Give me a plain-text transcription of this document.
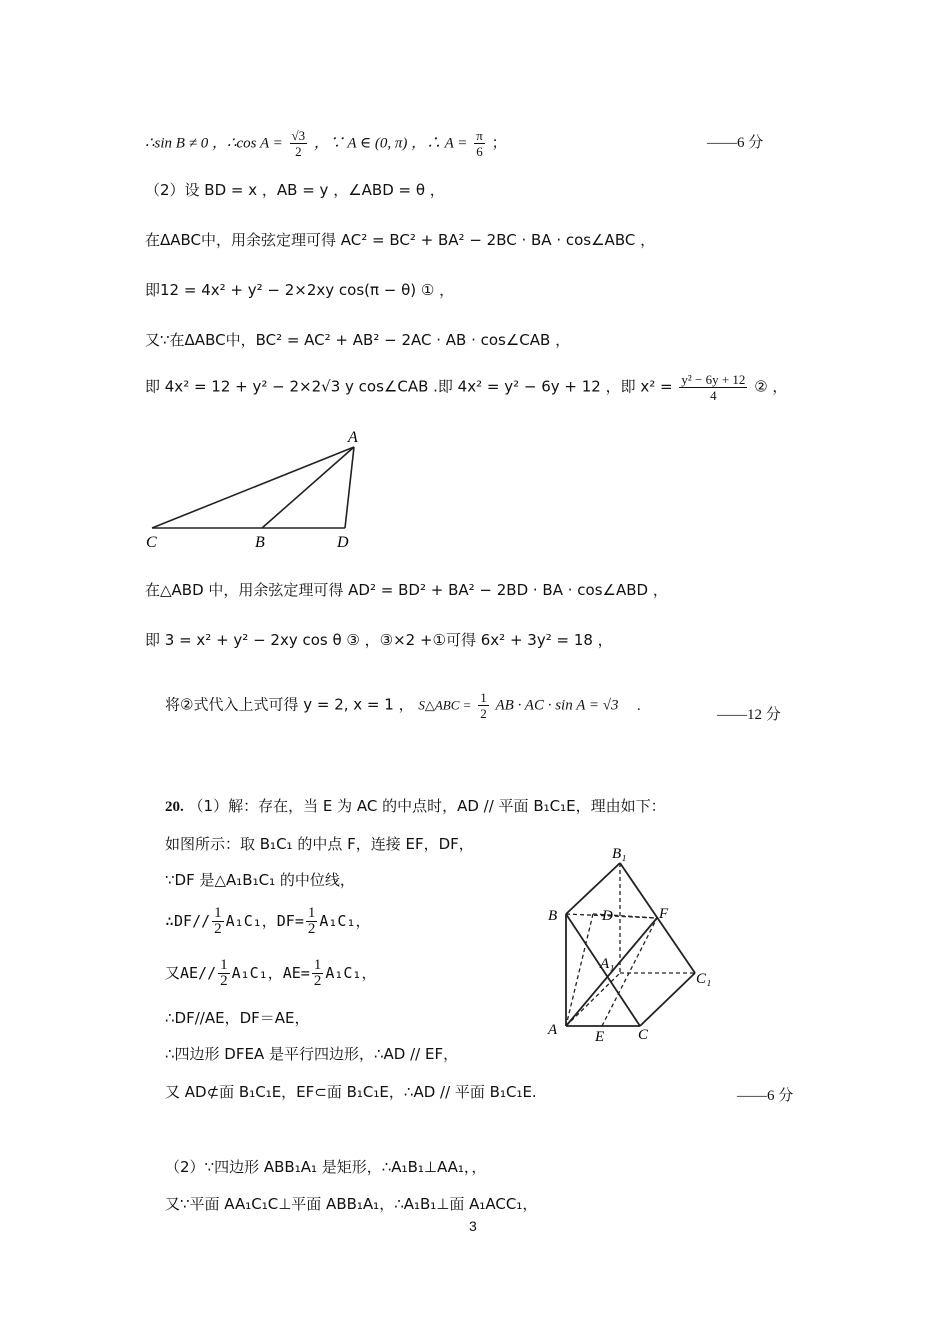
∴sin B ≠ 0 ，∴cos $A = \frac{√3}{2}$ ，∵ A ∈ (0, π) ，∴ $A = \frac{\pi}{6}$ ；	——6 分
（2）设 BD = x ，AB = y ，∠ABD = θ ，
在ΔABC中，用余弦定理可得 AC² = BC² + BA² − 2BC · BA · cos∠ABC ，
即12 = 4x² + y² − 2×2xy cos(π − θ) ① ，
又∵在ΔABC中，BC² = AC² + AB² − 2AC · AB · cos∠CAB ，
即 4x² = 12 + y² − 2×2√3 y cos∠CAB .即 4x² = y² − 6y + 12 ，即 $x^2 = \frac{\text{y² − 6y + 12}}{4}$ ② ，
A
C	B	D
在△ABD 中，用余弦定理可得 AD² = BD² + BA² − 2BD · BA · cos∠ABD ，
即 3 = x² + y² − 2xy cos θ ③ ，③×2 +①可得 6x² + 3y² = 18 ，
将②式代入上式可得 y = 2, x = 1 ， S△ABC = $\frac{1}{2}$ AB · AC · sin A = √3 .
——12 分
20. （1）解：存在，当 E 为 AC 的中点时，AD // 平面 B₁C₁E，理由如下：
如图所示：取 B₁C₁ 的中点 F，连接 EF，DF，
∵DF 是△A₁B₁C₁ 的中位线，
∴DF// $\frac{1}{2} A_1C_1$，$DF= \frac{1}{2} A_1C_1$，
又$AE// \frac{1}{2} A_1C_1$，$AE= \frac{1}{2} A_1C_1$，
∴DF//AE，DF＝AE，
∴四边形 DFEA 是平行四边形，∴AD // EF，
又 AD⊄面 B₁C₁E，EF⊂面 B₁C₁E，∴AD // 平面 B₁C₁E.	——6 分
B₁
B	D	F
A₁
C₁
A	E C
（2）∵四边形 ABB₁A₁ 是矩形，∴A₁B₁⊥AA₁，，
又∵平面 AA₁C₁C⊥平面 ABB₁A₁，∴A₁B₁⊥面 A₁ACC₁，
3
